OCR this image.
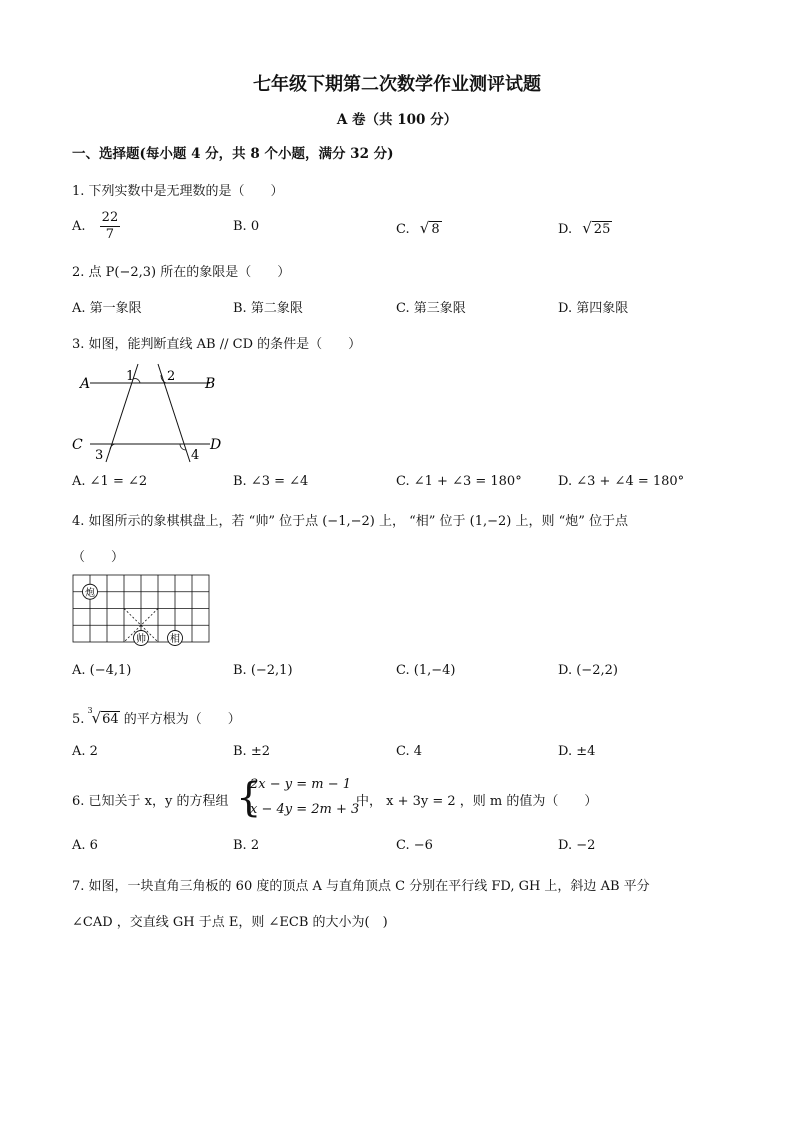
七年级下期第二次数学作业测评试题
A 卷（共 100 分）
一、选择题(每小题 4 分，共 8 个小题，满分 32 分)
1. 下列实数中是无理数的是（　　）
A. $\frac{22}{7}$	B. 0	C. √ 8	D. √ 25
2. 点 P(−2,3) 所在的象限是（　　）
A. 第一象限	B. 第二象限	C. 第三象限	D. 第四象限
3. 如图，能判断直线 AB // CD 的条件是（　　）
A	B
C	D
1	2
3	4
A. ∠1 = ∠2	B. ∠3 = ∠4	C. ∠1 + ∠3 = 180°	D. ∠3 + ∠4 = 180°
4. 如图所示的象棋棋盘上，若 “帅” 位于点 (−1,−2) 上， “相” 位于 (1,−2) 上，则 “炮” 位于点
（　　）
炮
帅 相
A. (−4,1)	B. (−2,1)	C. (1,−4)	D. (−2,2)
5.
3
√64 的平方根为（　　）
A. 2	B. ±2	C. 4	D. ±4
6. 已知关于 x，y 的方程组 {
2x − y = m − 1
x − 4y = 2m + 3
中， x + 3y = 2 ，则 m 的值为（　　）
A. 6	B. 2	C. −6	D. −2
7. 如图，一块直角三角板的 60 度的顶点 A 与直角顶点 C 分别在平行线 FD, GH 上，斜边 AB 平分
∠CAD ，交直线 GH 于点 E，则 ∠ECB 的大小为(　)
